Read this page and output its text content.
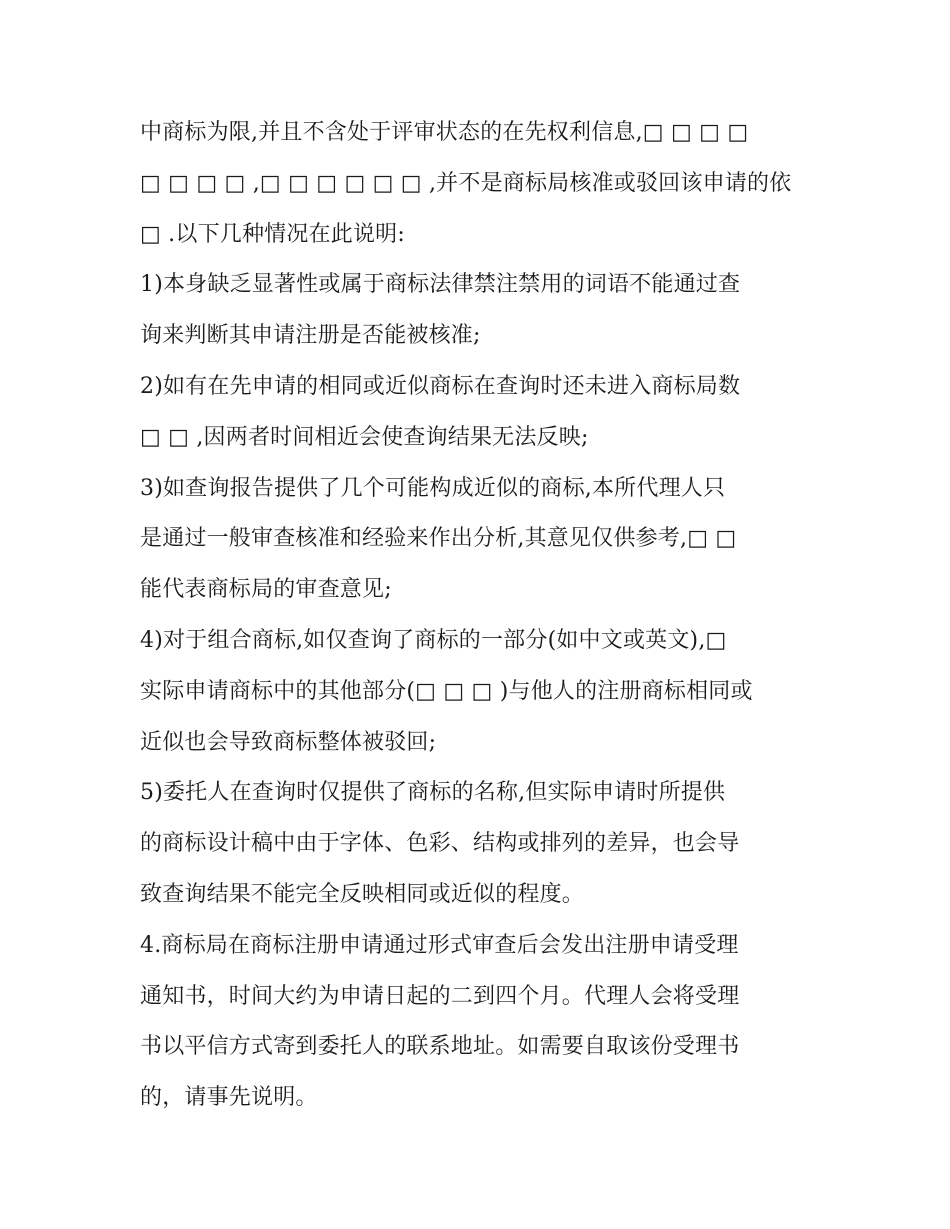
中商标为限,并且不含处于评审状态的在先权利信息,□ □ □ □
□ □ □ □ ,□ □ □ □ □ □ ,并不是商标局核准或驳回该申请的依
□ .以下几种情况在此说明:
1)本身缺乏显著性或属于商标法律禁注禁用的词语不能通过查
询来判断其申请注册是否能被核准;
2)如有在先申请的相同或近似商标在查询时还未进入商标局数
□ □ ,因两者时间相近会使查询结果无法反映;
3)如查询报告提供了几个可能构成近似的商标,本所代理人只
是通过一般审查核准和经验来作出分析,其意见仅供参考,□ □
能代表商标局的审查意见;
4)对于组合商标,如仅查询了商标的一部分(如中文或英文),□
实际申请商标中的其他部分(□ □ □ )与他人的注册商标相同或
近似也会导致商标整体被驳回;
5)委托人在查询时仅提供了商标的名称,但实际申请时所提供
的商标设计稿中由于字体、色彩、结构或排列的差异，也会导
致查询结果不能完全反映相同或近似的程度。
4.商标局在商标注册申请通过形式审查后会发出注册申请受理
通知书，时间大约为申请日起的二到四个月。代理人会将受理
书以平信方式寄到委托人的联系地址。如需要自取该份受理书
的，请事先说明。
